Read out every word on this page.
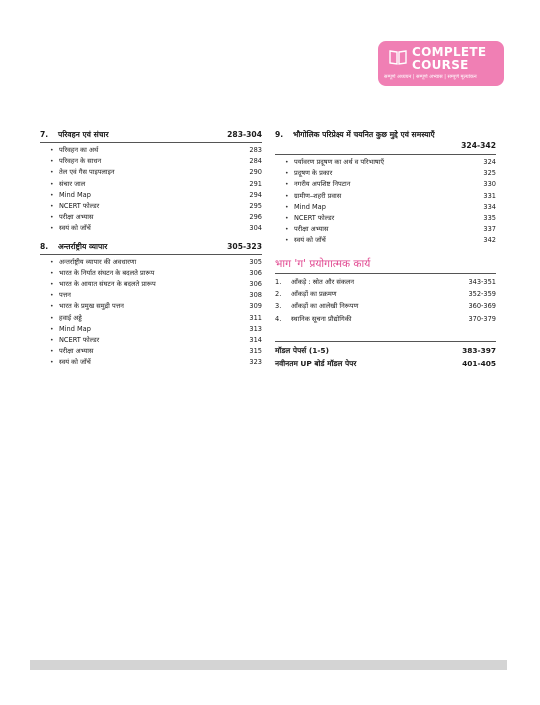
COMPLETE
COURSE
सम्पूर्ण अध्ययन | सम्पूर्ण अभ्यास | सम्पूर्ण मूल्यांकन
7.	परिवहन एवं संचार	283-304
• परिवहन का अर्थ	283
• परिवहन के साधन	284
• तेल एवं गैस पाइपलाइन	290
• संचार जाल	291
• Mind Map	294
• NCERT फोल्डर	295
• परीक्षा अभ्यास	296
• स्वयं को जाँचें	304
8.	अन्तर्राष्ट्रीय व्यापार	305-323
• अन्तर्राष्ट्रीय व्यापार की अवधारणा	305
• भारत के निर्यात संघटन के बदलते प्रारूप	306
• भारत के आयात संघटन के बदलते प्रारूप	306
• पत्तन	308
• भारत के प्रमुख समुद्री पत्तन	309
• हवाई अड्डे	311
• Mind Map	313
• NCERT फोल्डर	314
• परीक्षा अभ्यास	315
• स्वयं को जाँचें	323
9.	भौगोलिक परिप्रेक्ष्य में चयनित कुछ मुद्दे एवं समस्याएँ
324-342
• पर्यावरण प्रदूषण का अर्थ व परिभाषाएँ	324
• प्रदूषण के प्रकार	325
• नगरीय अपशिष्ट निपटान	330
• ग्रामीण–शहरी प्रवास	331
• Mind Map	334
• NCERT फोल्डर	335
• परीक्षा अभ्यास	337
• स्वयं को जाँचें	342
भाग 'ग' प्रयोगात्मक कार्य
1.	आँकड़े : स्रोत और संकलन	343-351
2.	आँकड़ों का प्रक्रमण	352-359
3.	आँकड़ों का आलेखी निरूपण	360-369
4.	स्थानिक सूचना प्रौद्योगिकी	370-379
मॉडल पेपर्स (1-5)	383-397
नवीनतम UP बोर्ड मॉडल पेपर	401-405
